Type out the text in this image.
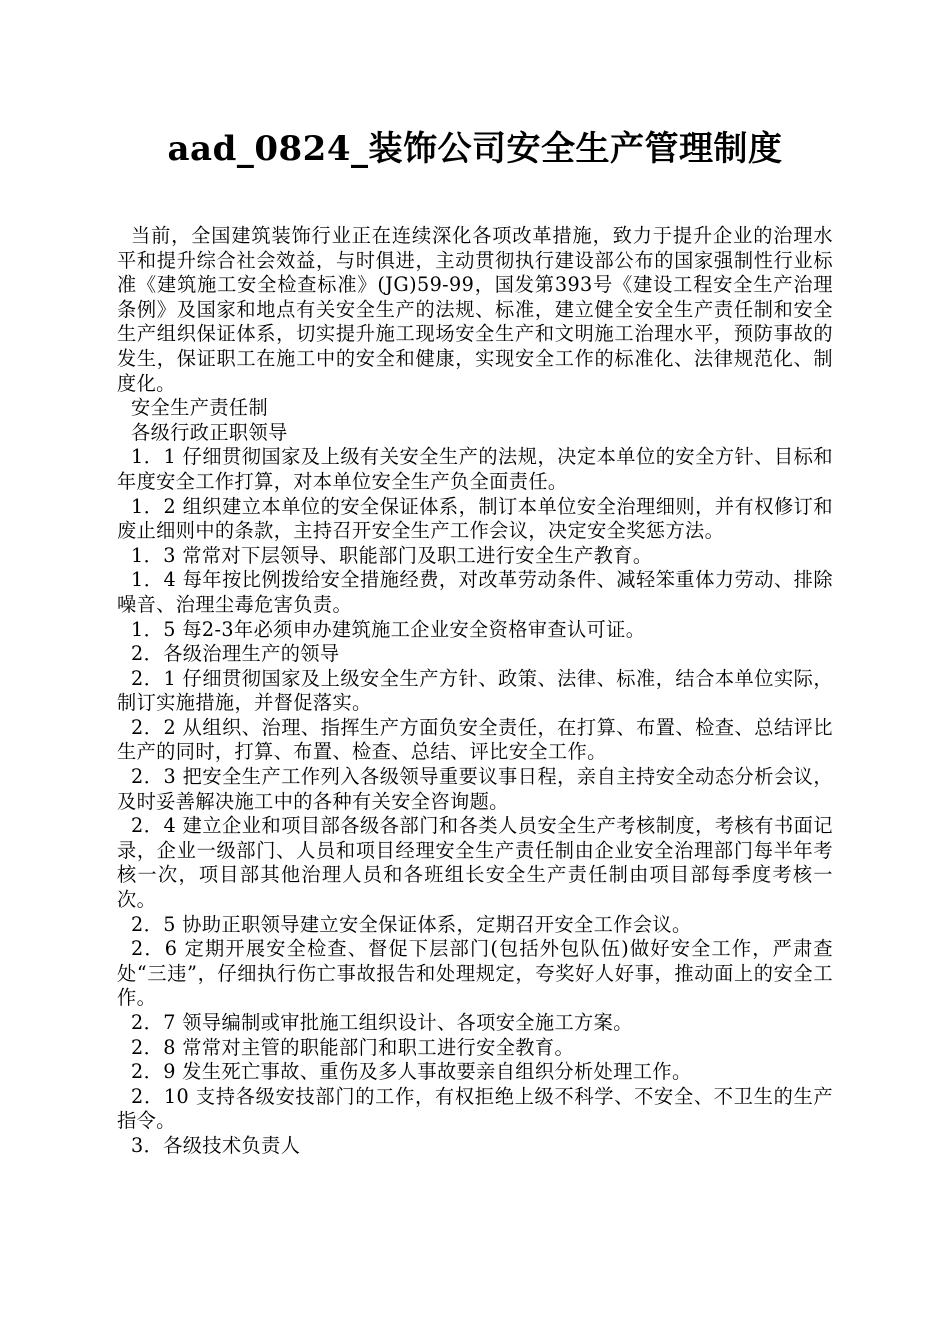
aad_0824_装饰公司安全生产管理制度

当前，全国建筑装饰行业正在连续深化各项改革措施，致力于提升企业的治理水平和提升综合社会效益，与时俱进，主动贯彻执行建设部公布的国家强制性行业标准《建筑施工安全检查标准》(JG)59-99，国发第393号《建设工程安全生产治理条例》及国家和地点有关安全生产的法规、标准，建立健全安全生产责任制和安全生产组织保证体系，切实提升施工现场安全生产和文明施工治理水平，预防事故的发生，保证职工在施工中的安全和健康，实现安全工作的标准化、法律规范化、制度化。

安全生产责任制

各级行政正职领导

1．1 仔细贯彻国家及上级有关安全生产的法规，决定本单位的安全方针、目标和年度安全工作打算，对本单位安全生产负全面责任。

1．2 组织建立本单位的安全保证体系，制订本单位安全治理细则，并有权修订和废止细则中的条款，主持召开安全生产工作会议，决定安全奖惩方法。

1．3 常常对下层领导、职能部门及职工进行安全生产教育。

1．4 每年按比例拨给安全措施经费，对改革劳动条件、减轻笨重体力劳动、排除噪音、治理尘毒危害负责。

1．5 每2-3年必须申办建筑施工企业安全资格审查认可证。

2．各级治理生产的领导

2．1 仔细贯彻国家及上级安全生产方针、政策、法律、标准，结合本单位实际，制订实施措施，并督促落实。

2．2 从组织、治理、指挥生产方面负安全责任，在打算、布置、检查、总结评比生产的同时，打算、布置、检查、总结、评比安全工作。

2．3 把安全生产工作列入各级领导重要议事日程，亲自主持安全动态分析会议，及时妥善解决施工中的各种有关安全咨询题。

2．4 建立企业和项目部各级各部门和各类人员安全生产考核制度，考核有书面记录，企业一级部门、人员和项目经理安全生产责任制由企业安全治理部门每半年考核一次，项目部其他治理人员和各班组长安全生产责任制由项目部每季度考核一次。

2．5 协助正职领导建立安全保证体系，定期召开安全工作会议。

2．6 定期开展安全检查、督促下层部门(包括外包队伍)做好安全工作，严肃查处“三违”，仔细执行伤亡事故报告和处理规定，夸奖好人好事，推动面上的安全工作。

2．7 领导编制或审批施工组织设计、各项安全施工方案。

2．8 常常对主管的职能部门和职工进行安全教育。

2．9 发生死亡事故、重伤及多人事故要亲自组织分析处理工作。

2．10 支持各级安技部门的工作，有权拒绝上级不科学、不安全、不卫生的生产指令。

3．各级技术负责人
